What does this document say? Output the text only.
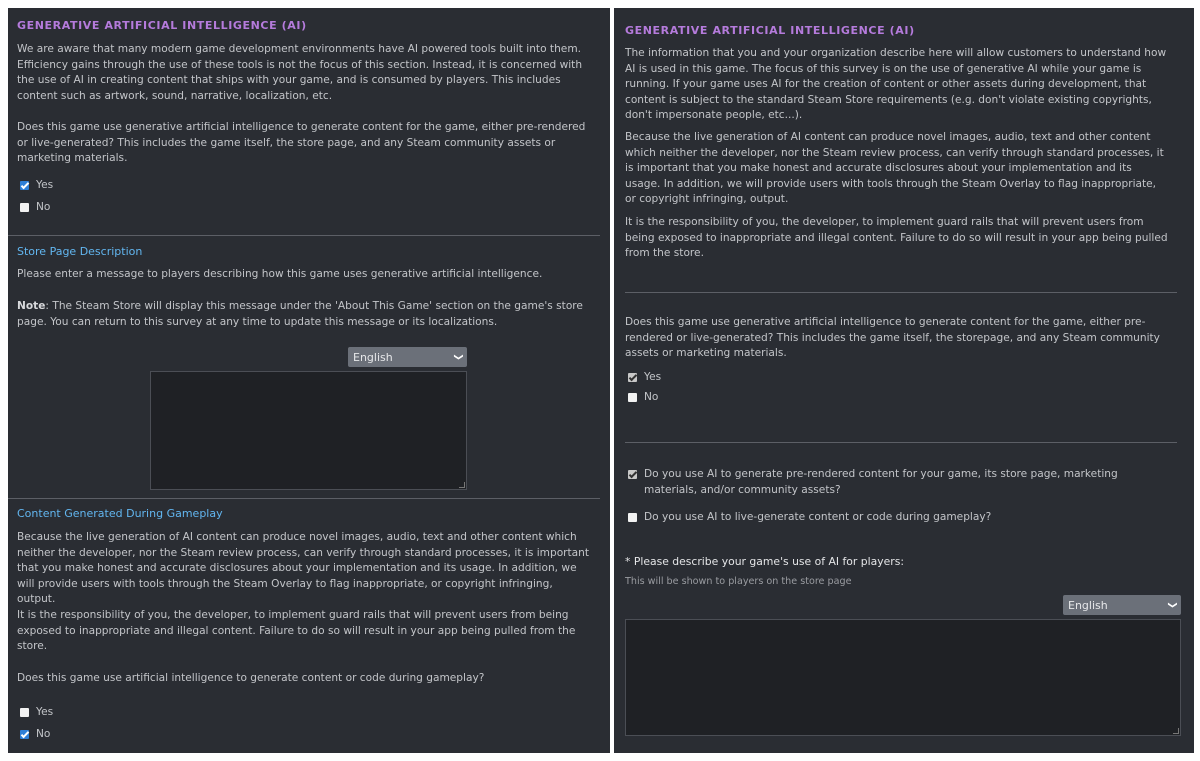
GENERATIVE ARTIFICIAL INTELLIGENCE (AI)

We are aware that many modern game development environments have AI powered tools built into them. Efficiency gains through the use of these tools is not the focus of this section. Instead, it is concerned with the use of AI in creating content that ships with your game, and is consumed by players. This includes content such as artwork, sound, narrative, localization, etc.

Does this game use generative artificial intelligence to generate content for the game, either pre-rendered or live-generated? This includes the game itself, the store page, and any Steam community assets or marketing materials.

Yes
No
Store Page Description

Please enter a message to players describing how this game uses generative artificial intelligence.

Note: The Steam Store will display this message under the 'About This Game' section on the game's store page. You can return to this survey at any time to update this message or its localizations.

English	❯
Content Generated During Gameplay

Because the live generation of AI content can produce novel images, audio, text and other content which neither the developer, nor the Steam review process, can verify through standard processes, it is important that you make honest and accurate disclosures about your implementation and its usage. In addition, we will provide users with tools through the Steam Overlay to flag inappropriate, or copyright infringing, output.

It is the responsibility of you, the developer, to implement guard rails that will prevent users from being exposed to inappropriate and illegal content. Failure to do so will result in your app being pulled from the store.

Does this game use artificial intelligence to generate content or code during gameplay?

Yes
No
GENERATIVE ARTIFICIAL INTELLIGENCE (AI)

The information that you and your organization describe here will allow customers to understand how AI is used in this game. The focus of this survey is on the use of generative AI while your game is running. If your game uses AI for the creation of content or other assets during development, that content is subject to the standard Steam Store requirements (e.g. don't violate existing copyrights, don't impersonate people, etc...).

Because the live generation of AI content can produce novel images, audio, text and other content which neither the developer, nor the Steam review process, can verify through standard processes, it is important that you make honest and accurate disclosures about your implementation and its usage. In addition, we will provide users with tools through the Steam Overlay to flag inappropriate, or copyright infringing, output.

It is the responsibility of you, the developer, to implement guard rails that will prevent users from being exposed to inappropriate and illegal content. Failure to do so will result in your app being pulled from the store.

Does this game use generative artificial intelligence to generate content for the game, either pre-rendered or live-generated? This includes the game itself, the storepage, and any Steam community assets or marketing materials.

Yes
No
Do you use AI to generate pre-rendered content for your game, its store page, marketing materials, and/or community assets?
Do you use AI to live-generate content or code during gameplay?
* Please describe your game's use of AI for players:
This will be shown to players on the store page
English	❯
